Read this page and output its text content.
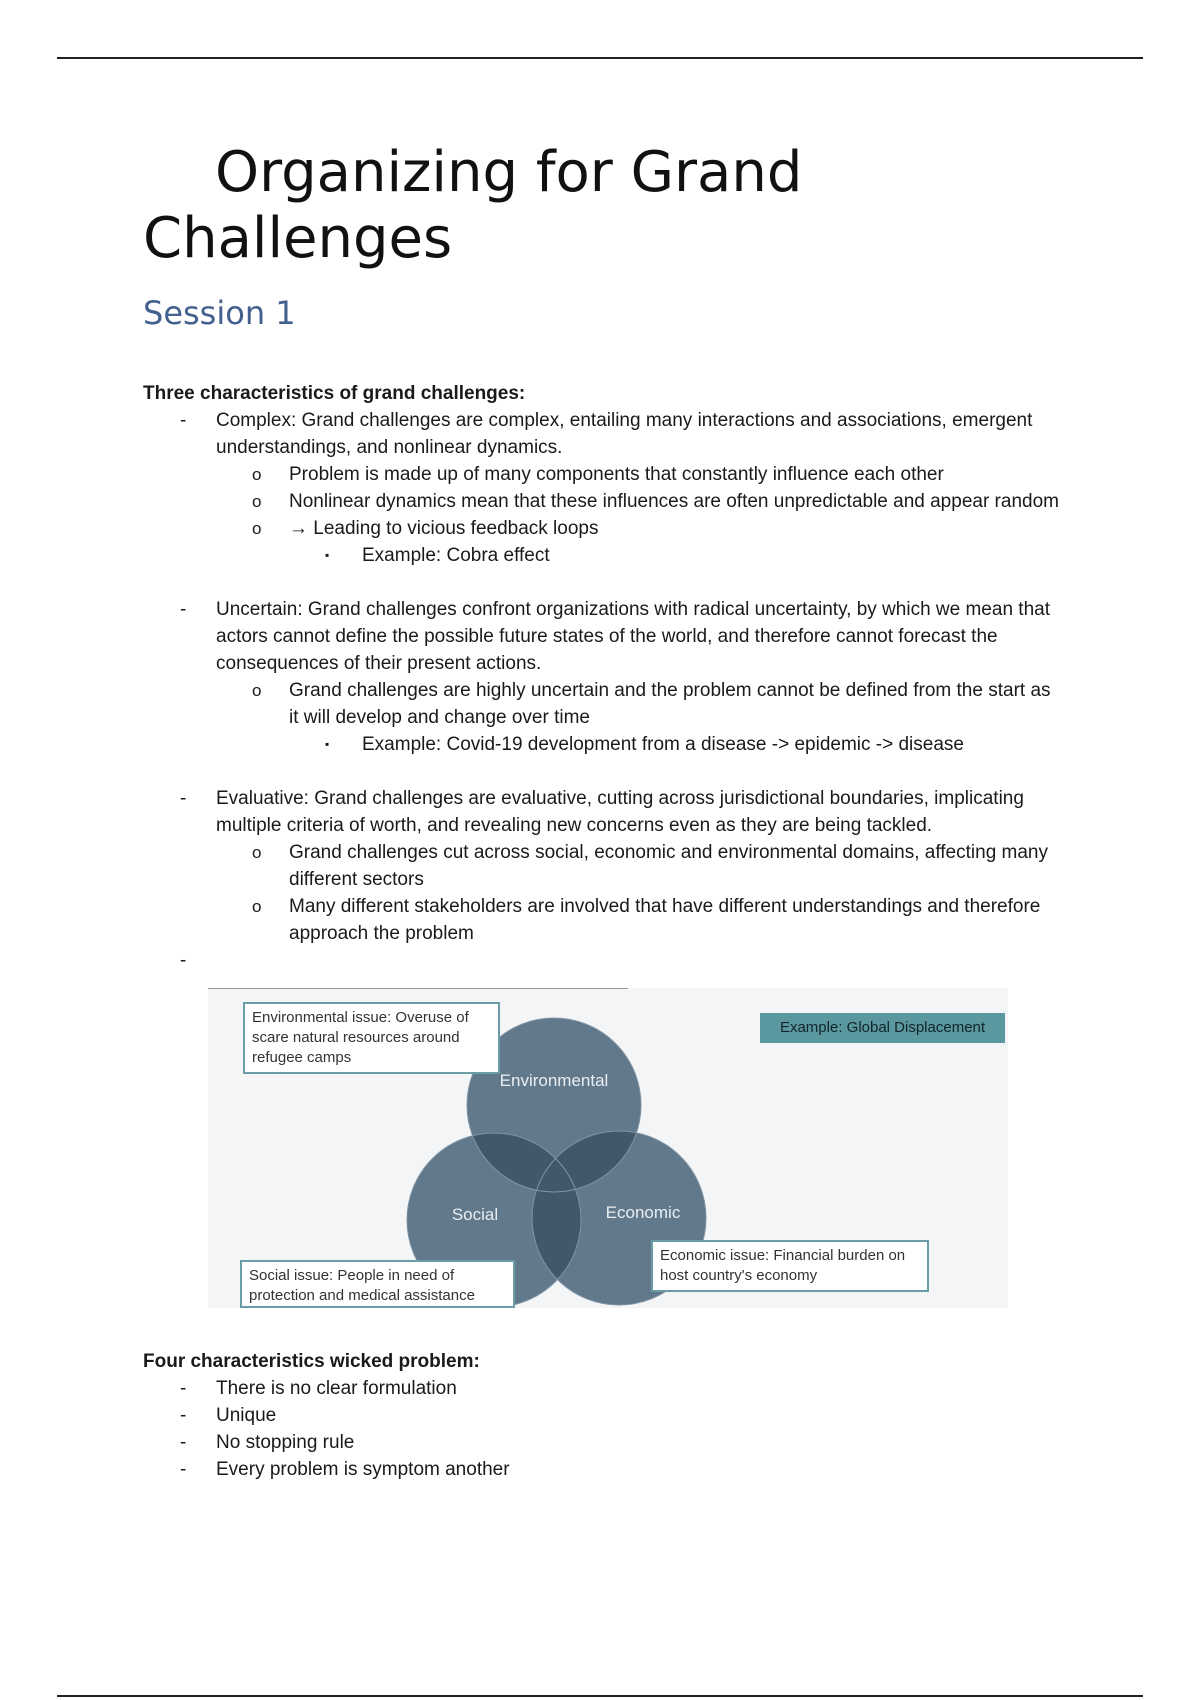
Organizing for Grand Challenges
Session 1

Three characteristics of grand challenges:

- Complex: Grand challenges are complex, entailing many interactions and associations, emergent understandings, and nonlinear dynamics.
o Problem is made up of many components that constantly influence each other
o Nonlinear dynamics mean that these influences are often unpredictable and appear random
o → Leading to vicious feedback loops
▪ Example: Cobra effect
- Uncertain: Grand challenges confront organizations with radical uncertainty, by which we mean that actors cannot define the possible future states of the world, and therefore cannot forecast the consequences of their present actions.
o Grand challenges are highly uncertain and the problem cannot be defined from the start as it will develop and change over time
▪ Example: Covid-19 development from a disease -> epidemic -> disease
- Evaluative: Grand challenges are evaluative, cutting across jurisdictional boundaries, implicating multiple criteria of worth, and revealing new concerns even as they are being tackled.
o Grand challenges cut across social, economic and environmental domains, affecting many different sectors
o Many different stakeholders are involved that have different understandings and therefore approach the problem
-

Environmental
Social	Economic
Environmental issue: Overuse of scare natural resources around refugee camps
Social issue: People in need of protection and medical assistance
Economic issue: Financial burden on host country's economy
Example: Global Displacement

Four characteristics wicked problem:

- There is no clear formulation
- Unique
- No stopping rule
- Every problem is symptom another
